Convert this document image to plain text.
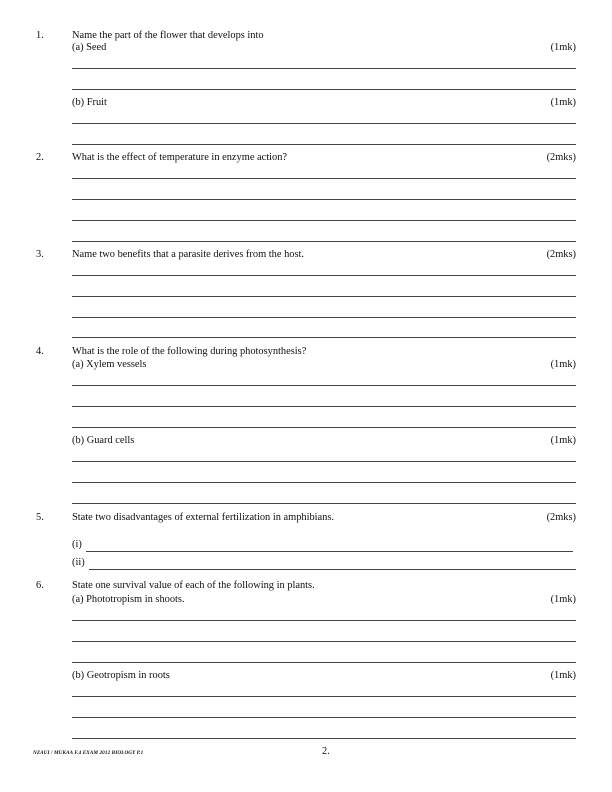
1.	Name the part of the flower that develops into
(a) Seed	(1mk)
(b) Fruit	(1mk)
2.	What is the effect of temperature in enzyme action?	(2mks)
3.	Name two benefits that a parasite derives from the host.	(2mks)
4.	What is the role of the following during photosynthesis?
(a) Xylem vessels	(1mk)
(b) Guard cells	(1mk)
5.	State two disadvantages of external fertilization in amphibians.	(2mks)
(i)
(ii)
6.	State one survival value of each of the following in plants.
(a) Phototropism in shoots.	(1mk)
(b) Geotropism in roots	(1mk)
NZAUI / MUKAA F.4 EXAM 2012 BIOLOGY P.1	2.
